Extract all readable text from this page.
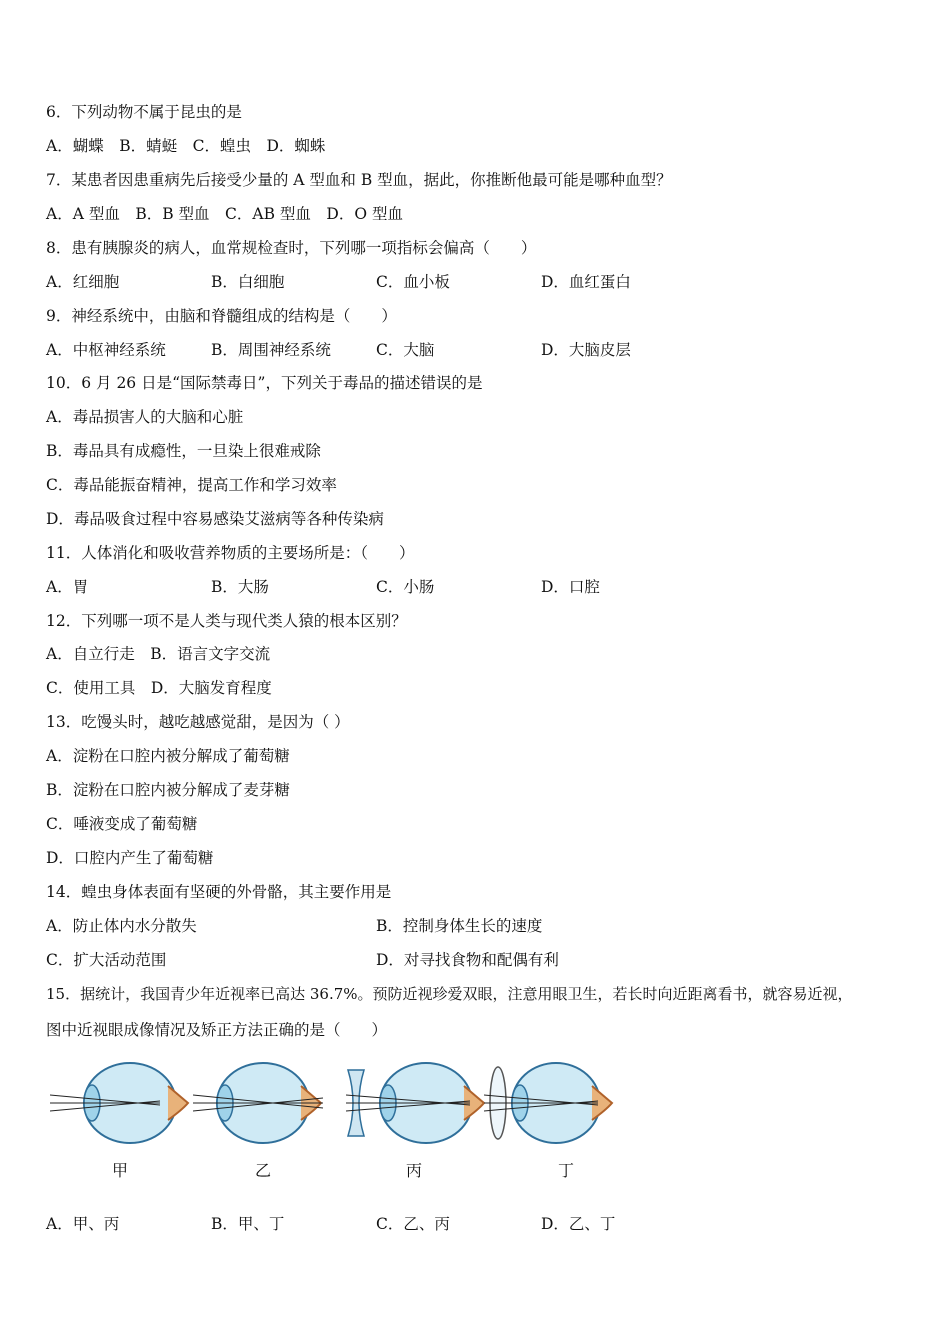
6．下列动物不属于昆虫的是
A．蝴蝶　B．蜻蜓　C．蝗虫　D．蜘蛛
7．某患者因患重病先后接受少量的 A 型血和 B 型血，据此，你推断他最可能是哪种血型？
A．A 型血　B．B 型血　C．AB 型血　D．O 型血
8．患有胰腺炎的病人，血常规检查时，下列哪一项指标会偏高（　　）
A．红细胞	B．白细胞	C．血小板	D．血红蛋白
9．神经系统中，由脑和脊髓组成的结构是（　　）
A．中枢神经系统	B．周围神经系统	C．大脑	D．大脑皮层
10．6 月 26 日是“国际禁毒日”，下列关于毒品的描述错误的是
A．毒品损害人的大脑和心脏
B．毒品具有成瘾性，一旦染上很难戒除
C．毒品能振奋精神，提高工作和学习效率
D．毒品吸食过程中容易感染艾滋病等各种传染病
11．人体消化和吸收营养物质的主要场所是：（　　）
A．胃	B．大肠	C．小肠	D．口腔
12．下列哪一项不是人类与现代类人猿的根本区别？
A．自立行走　B．语言文字交流
C．使用工具　D．大脑发育程度
13．吃馒头时，越吃越感觉甜，是因为（ ）
A．淀粉在口腔内被分解成了葡萄糖
B．淀粉在口腔内被分解成了麦芽糖
C．唾液变成了葡萄糖
D．口腔内产生了葡萄糖
14．蝗虫身体表面有坚硬的外骨骼，其主要作用是
A．防止体内水分散失	B．控制身体生长的速度
C．扩大活动范围	D．对寻找食物和配偶有利
15．据统计，我国青少年近视率已高达 36.7%。预防近视珍爱双眼，注意用眼卫生，若长时向近距离看书，就容易近视，
图中近视眼成像情况及矫正方法正确的是（　　）
甲	乙	丙	丁
A．甲、丙	B．甲、丁	C．乙、丙	D．乙、丁
